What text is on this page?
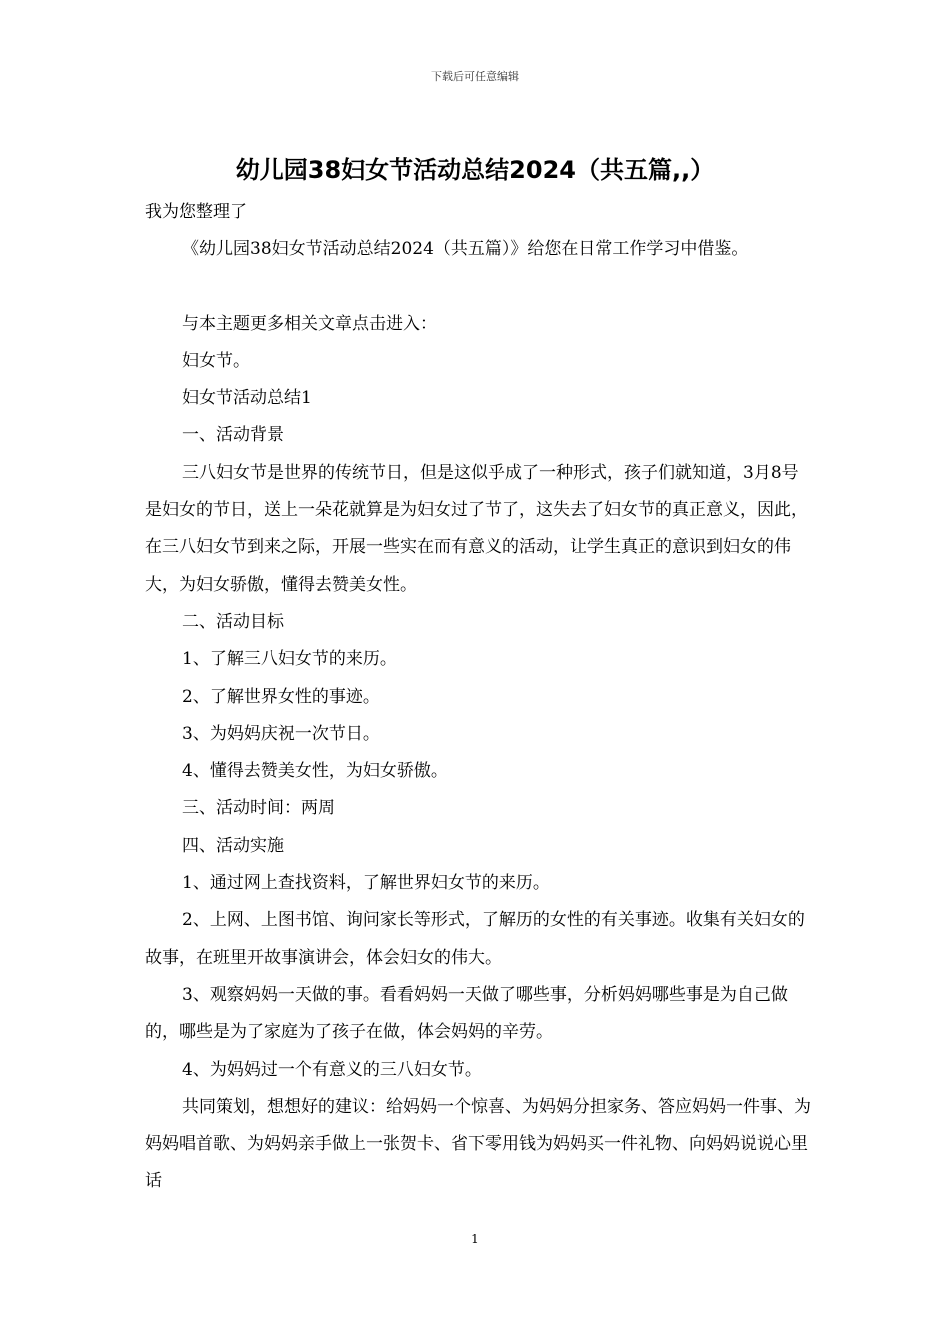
下载后可任意编辑
幼儿园38妇女节活动总结2024（共五篇,,）

我为您整理了

《幼儿园38妇女节活动总结2024（共五篇）》给您在日常工作学习中借鉴。

与本主题更多相关文章点击进入：

妇女节。

妇女节活动总结1

一、活动背景

三八妇女节是世界的传统节日，但是这似乎成了一种形式，孩子们就知道，3月8号是妇女的节日，送上一朵花就算是为妇女过了节了，这失去了妇女节的真正意义，因此，在三八妇女节到来之际，开展一些实在而有意义的活动，让学生真正的意识到妇女的伟大，为妇女骄傲，懂得去赞美女性。

二、活动目标

1、了解三八妇女节的来历。

2、了解世界女性的事迹。

3、为妈妈庆祝一次节日。

4、懂得去赞美女性，为妇女骄傲。

三、活动时间：两周

四、活动实施

1、通过网上查找资料，了解世界妇女节的来历。

2、上网、上图书馆、询问家长等形式，了解历的女性的有关事迹。收集有关妇女的故事，在班里开故事演讲会，体会妇女的伟大。

3、观察妈妈一天做的事。看看妈妈一天做了哪些事，分析妈妈哪些事是为自己做的，哪些是为了家庭为了孩子在做，体会妈妈的辛劳。

4、为妈妈过一个有意义的三八妇女节。

共同策划，想想好的建议：给妈妈一个惊喜、为妈妈分担家务、答应妈妈一件事、为妈妈唱首歌、为妈妈亲手做上一张贺卡、省下零用钱为妈妈买一件礼物、向妈妈说说心里话

1
